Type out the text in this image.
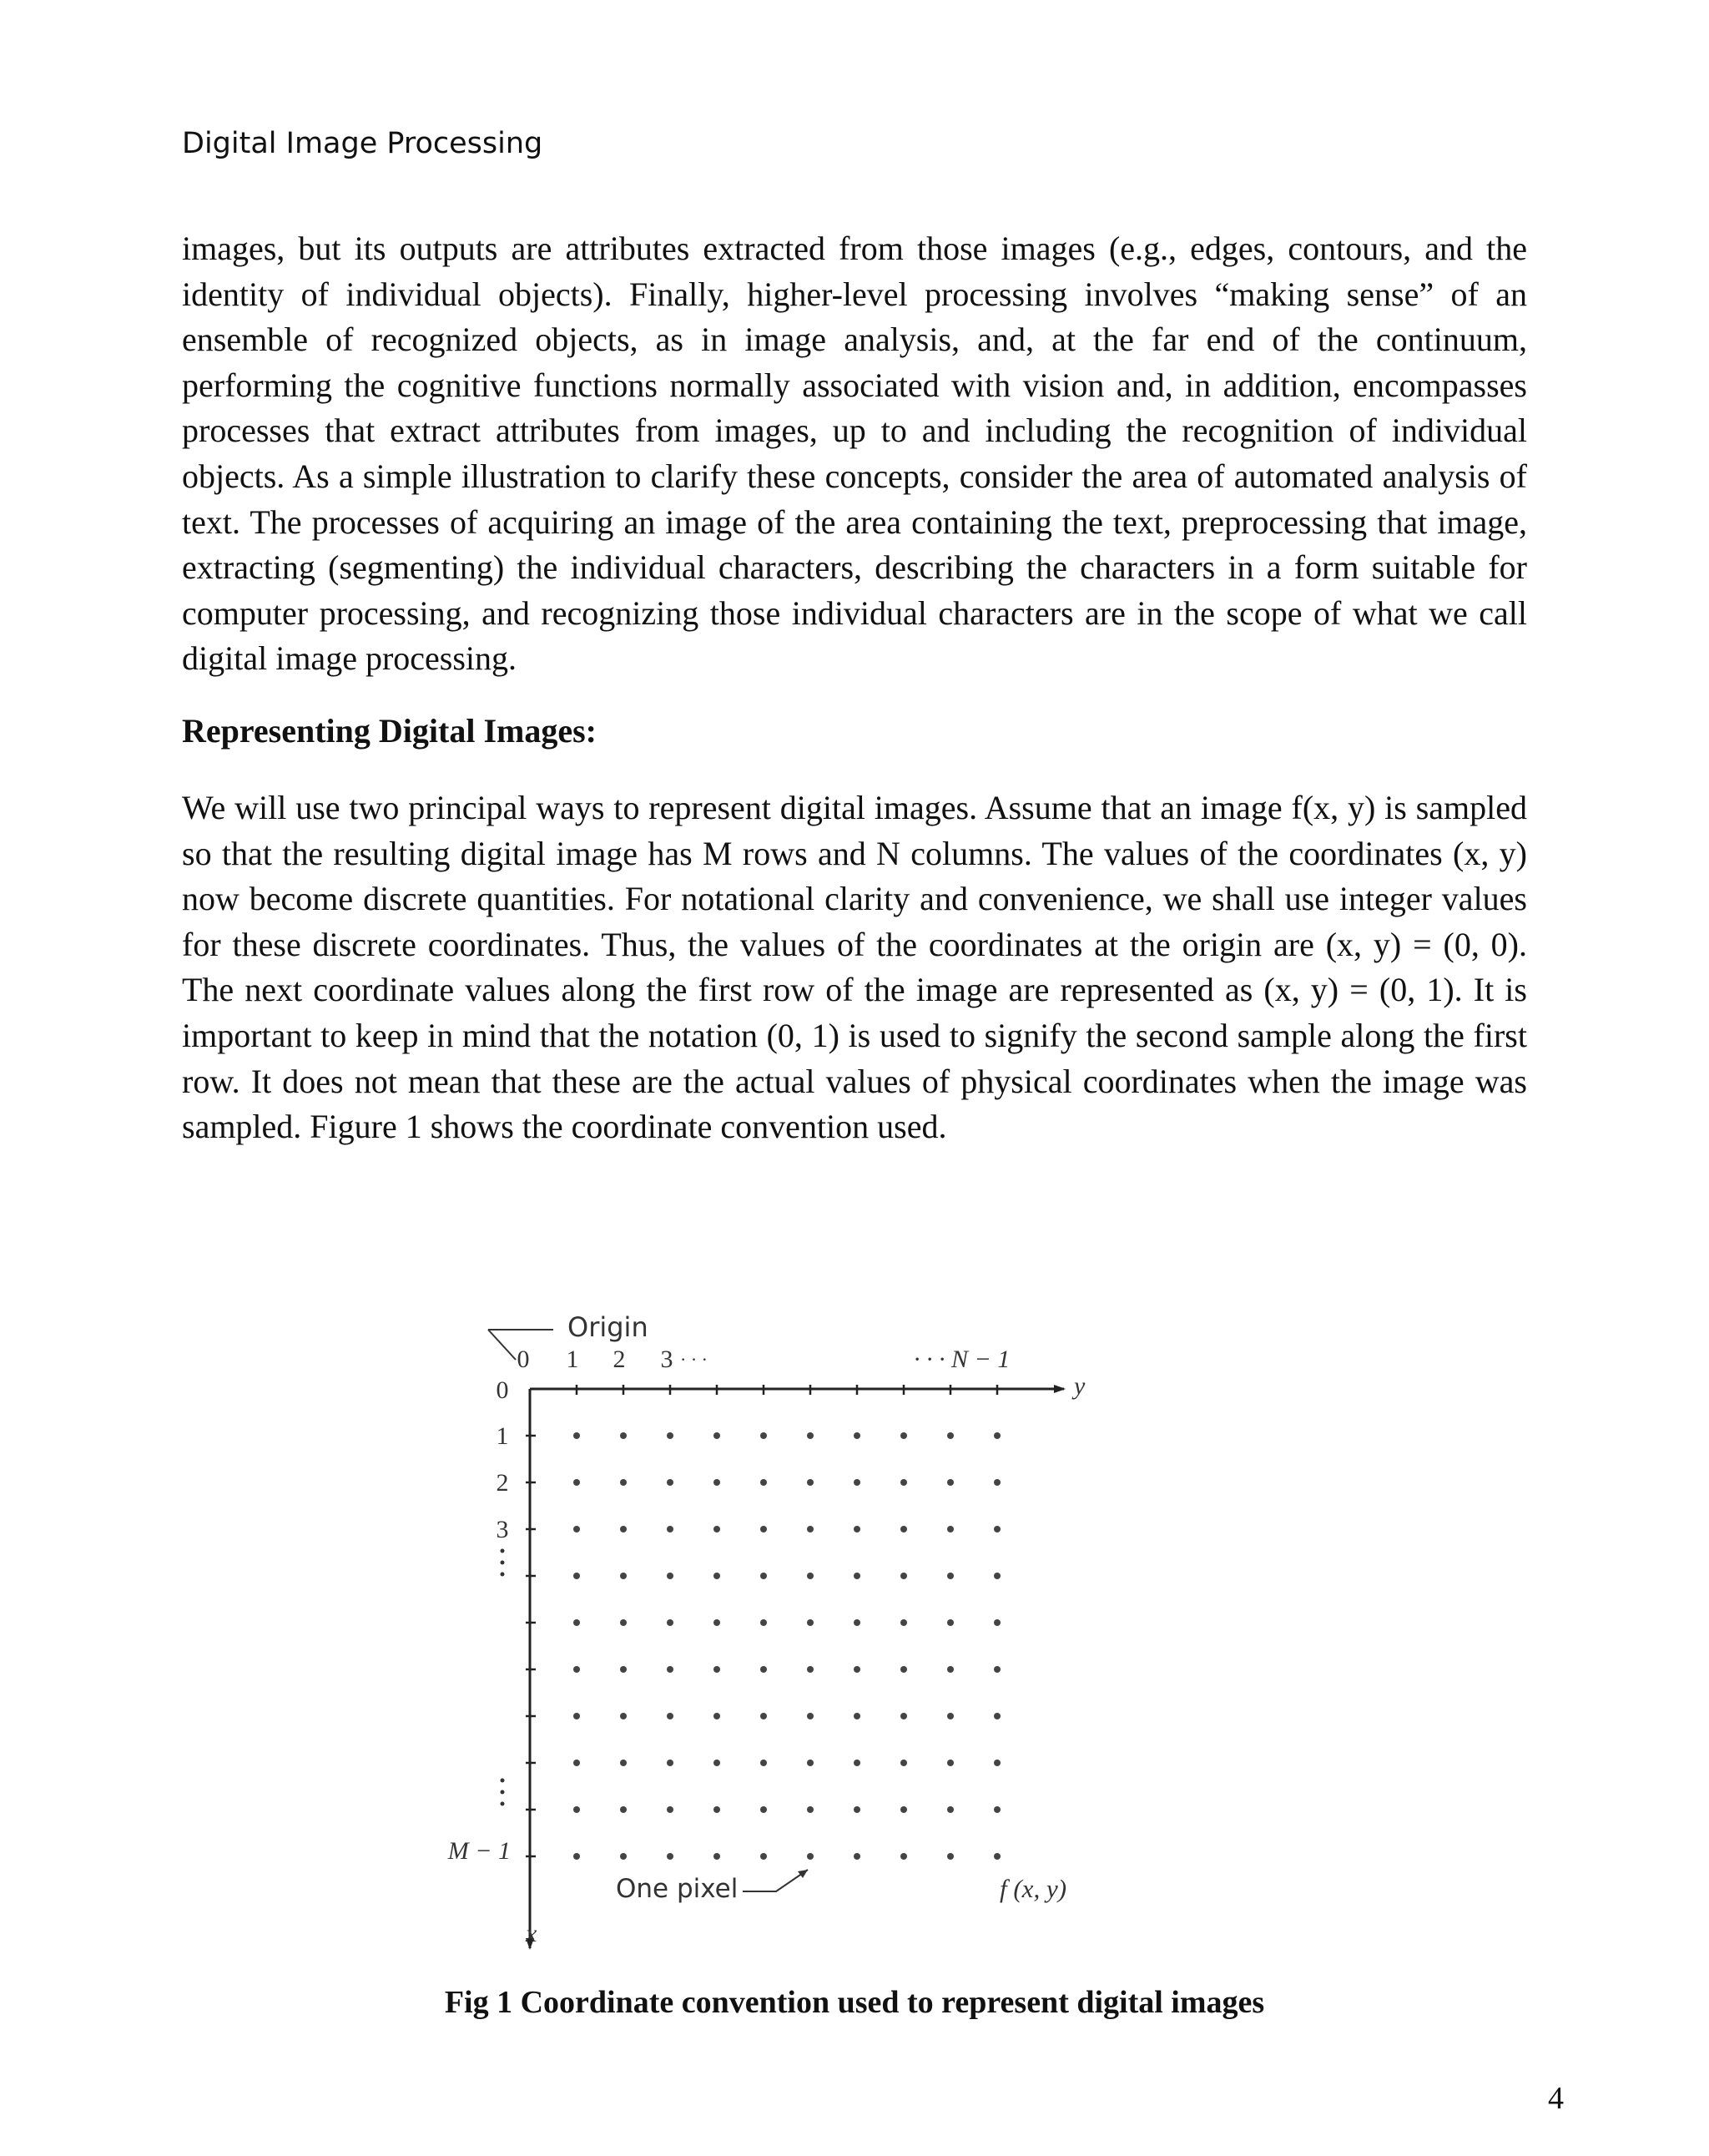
Digital Image Processing

images, but its outputs are attributes extracted from those images (e.g., edges, contours, and the identity of individual objects). Finally, higher-level processing involves “making sense” of an ensemble of recognized objects, as in image analysis, and, at the far end of the continuum, performing the cognitive functions normally associated with vision and, in addition, encompasses processes that extract attributes from images, up to and including the recognition of individual objects. As a simple illustration to clarify these concepts, consider the area of automated analysis of text. The processes of acquiring an image of the area containing the text, preprocessing that image, extracting (segmenting) the individual characters, describing the characters in a form suitable for computer processing, and recognizing those individual characters are in the scope of what we call digital image processing.

Representing Digital Images:

We will use two principal ways to represent digital images. Assume that an image f(x, y) is sampled so that the resulting digital image has M rows and N columns. The values of the coordinates (x, y) now become discrete quantities. For notational clarity and convenience, we shall use integer values for these discrete coordinates. Thus, the values of the coordinates at the origin are (x, y) = (0, 0). The next coordinate values along the first row of the image are represented as (x, y) = (0, 1). It is important to keep in mind that the notation (0, 1) is used to signify the second sample along the first row. It does not mean that these are the actual values of physical coordinates when the image was sampled. Figure 1 shows the coordinate convention used.

Origin
0 1 2 3 · · ·	· · · N − 1
y
x
0
1
2
3
M − 1
One pixel	f (x, y)
Fig 1 Coordinate convention used to represent digital images
4
